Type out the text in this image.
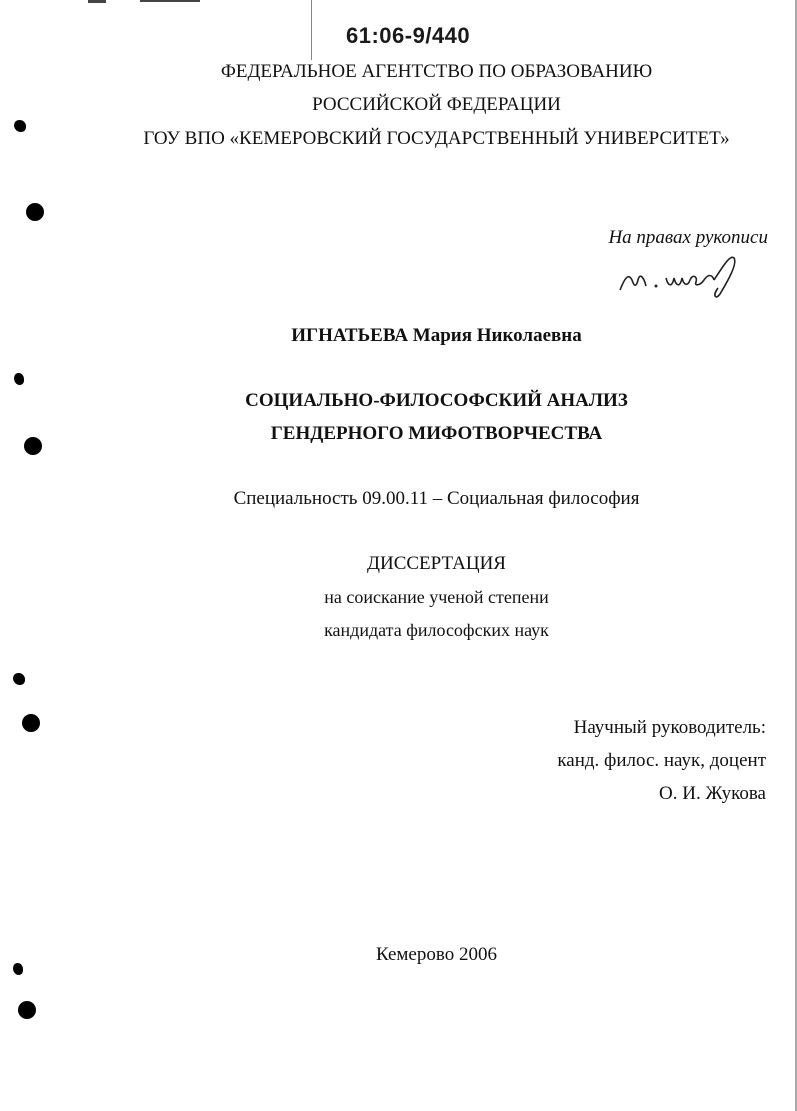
61:06-9/440
ФЕДЕРАЛЬНОЕ АГЕНТСТВО ПО ОБРАЗОВАНИЮ
РОССИЙСКОЙ ФЕДЕРАЦИИ
ГОУ ВПО «КЕМЕРОВСКИЙ ГОСУДАРСТВЕННЫЙ УНИВЕРСИТЕТ»
На правах рукописи
ИГНАТЬЕВА Мария Николаевна
СОЦИАЛЬНО-ФИЛОСОФСКИЙ АНАЛИЗ
ГЕНДЕРНОГО МИФОТВОРЧЕСТВА
Специальность 09.00.11 – Социальная философия
ДИССЕРТАЦИЯ
на соискание ученой степени
кандидата философских наук
Научный руководитель:
канд. филос. наук, доцент
О. И. Жукова
Кемерово 2006
